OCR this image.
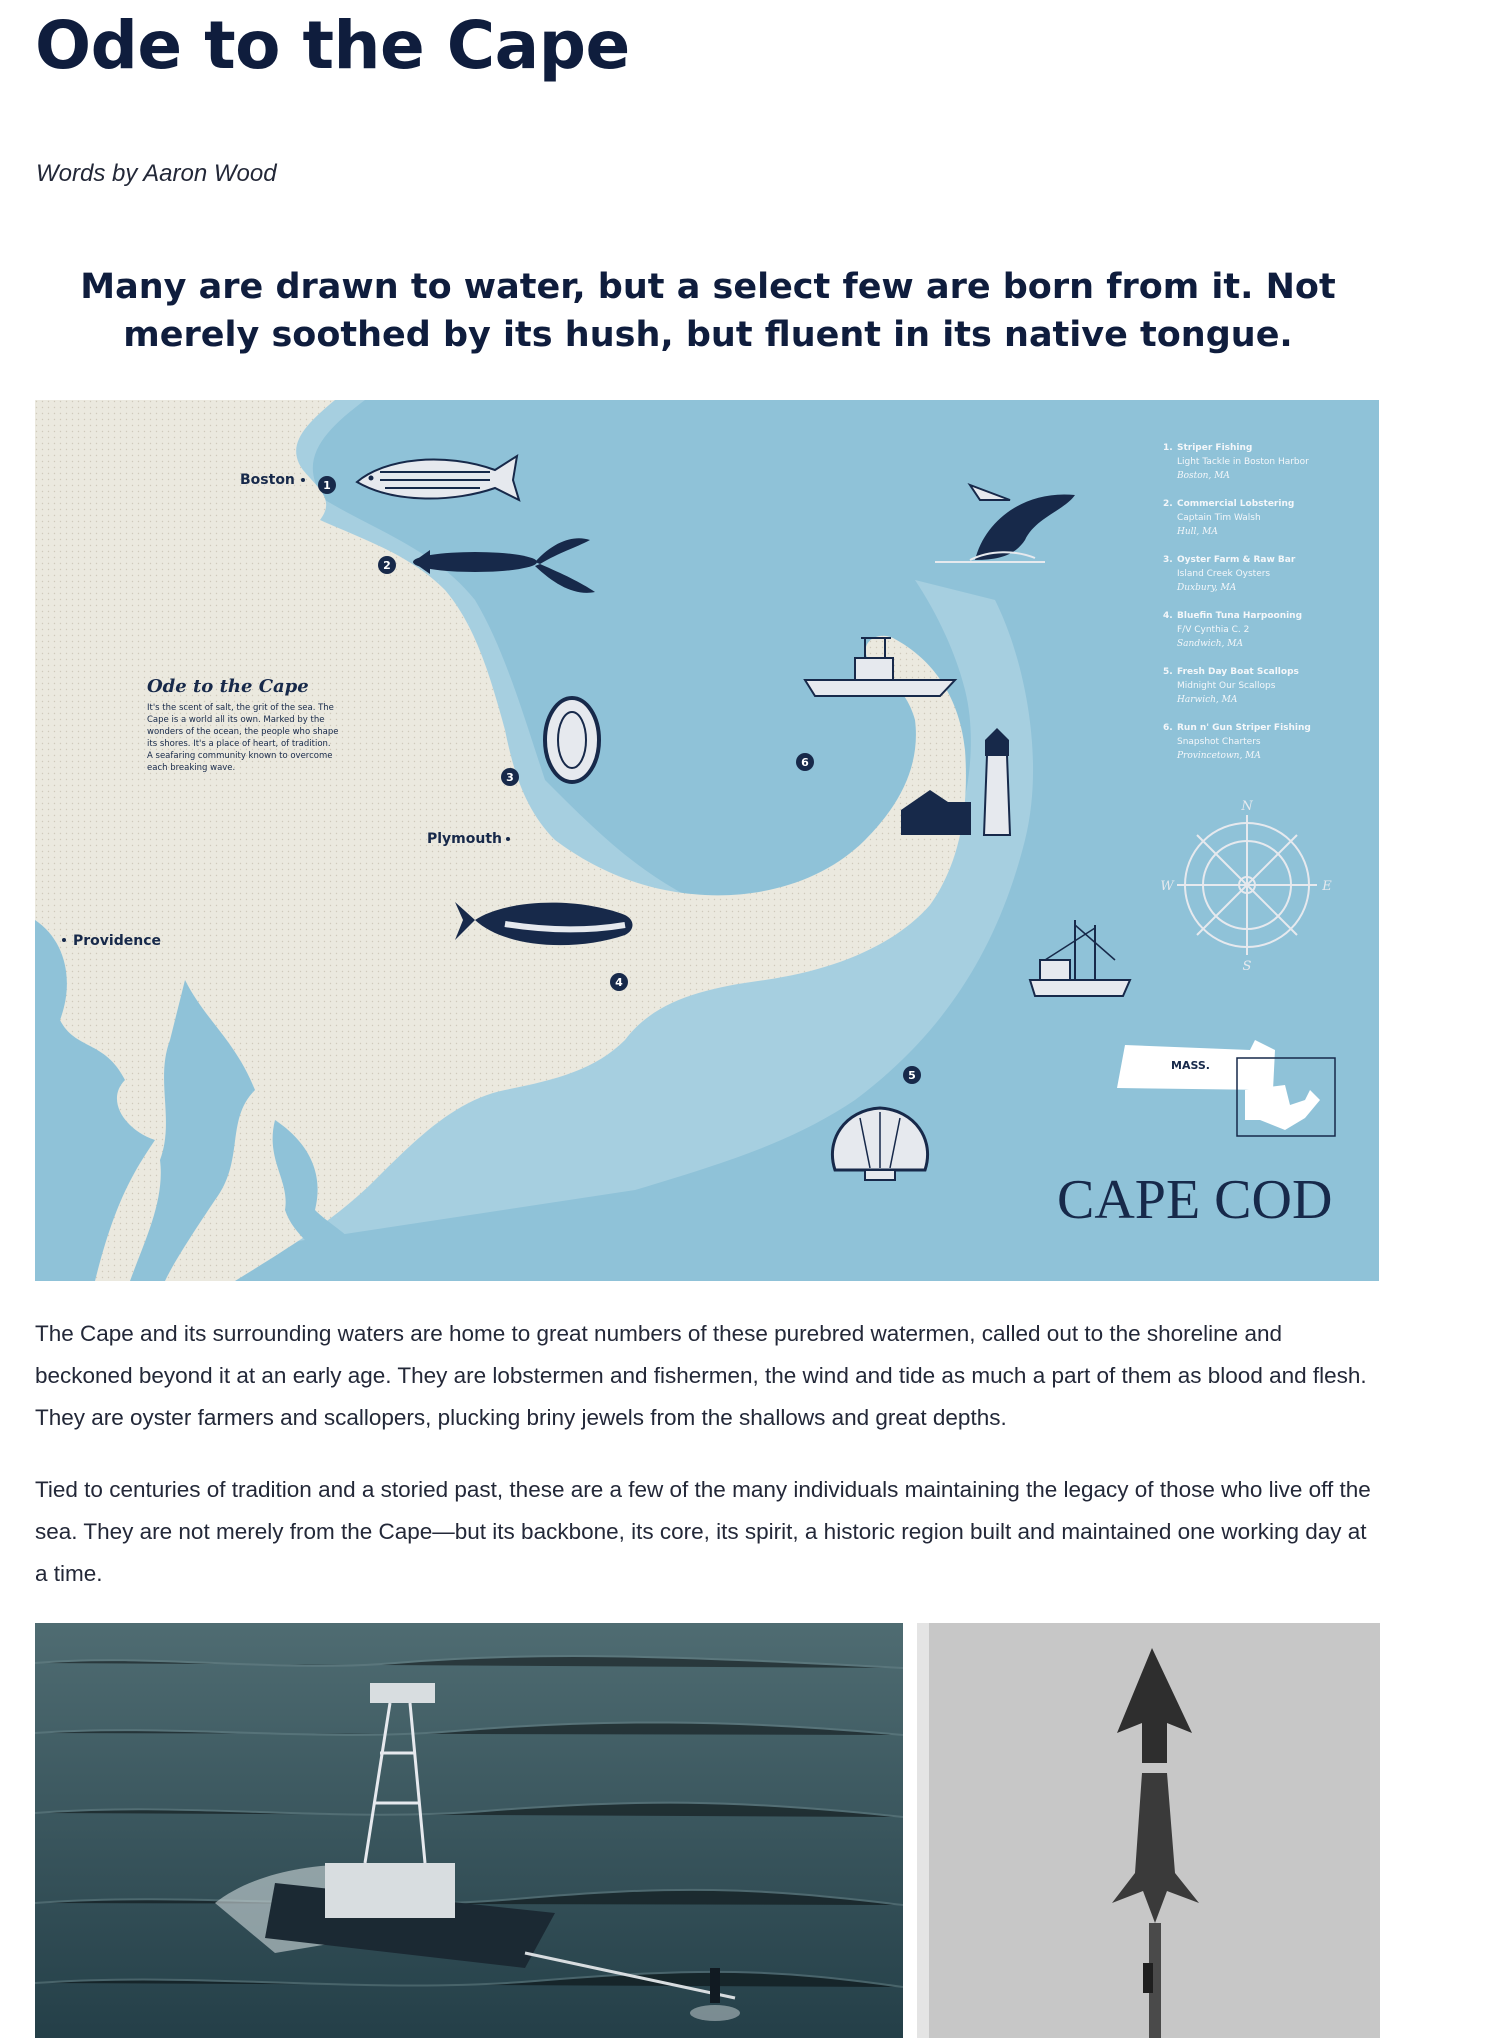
Ode to the Cape

Words by Aaron Wood

Many are drawn to water, but a select few are born from it. Not merely soothed by its hush, but fluent in its native tongue.

Ode to the Cape
It's the scent of salt, the grit of the sea. The
Cape is a world all its own. Marked by the
wonders of the ocean, the people who shape
its shores. It's a place of heart, of tradition.
A seafaring community known to overcome
each breaking wave.
Boston
Plymouth
Providence
1
2
3
4
5
6
N
S
W	E
MASS.
CAPE COD
1. Striper Fishing
Light Tackle in Boston Harbor
Boston, MA
2. Commercial Lobstering
Captain Tim Walsh
Hull, MA
3. Oyster Farm & Raw Bar
Island Creek Oysters
Duxbury, MA
4. Bluefin Tuna Harpooning
F/V Cynthia C. 2
Sandwich, MA
5. Fresh Day Boat Scallops
Midnight Our Scallops
Harwich, MA
6. Run n' Gun Striper Fishing
Snapshot Charters
Provincetown, MA

The Cape and its surrounding waters are home to great numbers of these purebred watermen, called out to the shoreline and beckoned beyond it at an early age. They are lobstermen and fishermen, the wind and tide as much a part of them as blood and flesh. They are oyster farmers and scallopers, plucking briny jewels from the shallows and great depths.

Tied to centuries of tradition and a storied past, these are a few of the many individuals maintaining the legacy of those who live off the sea. They are not merely from the Cape—but its backbone, its core, its spirit, a historic region built and maintained one working day at a time.
